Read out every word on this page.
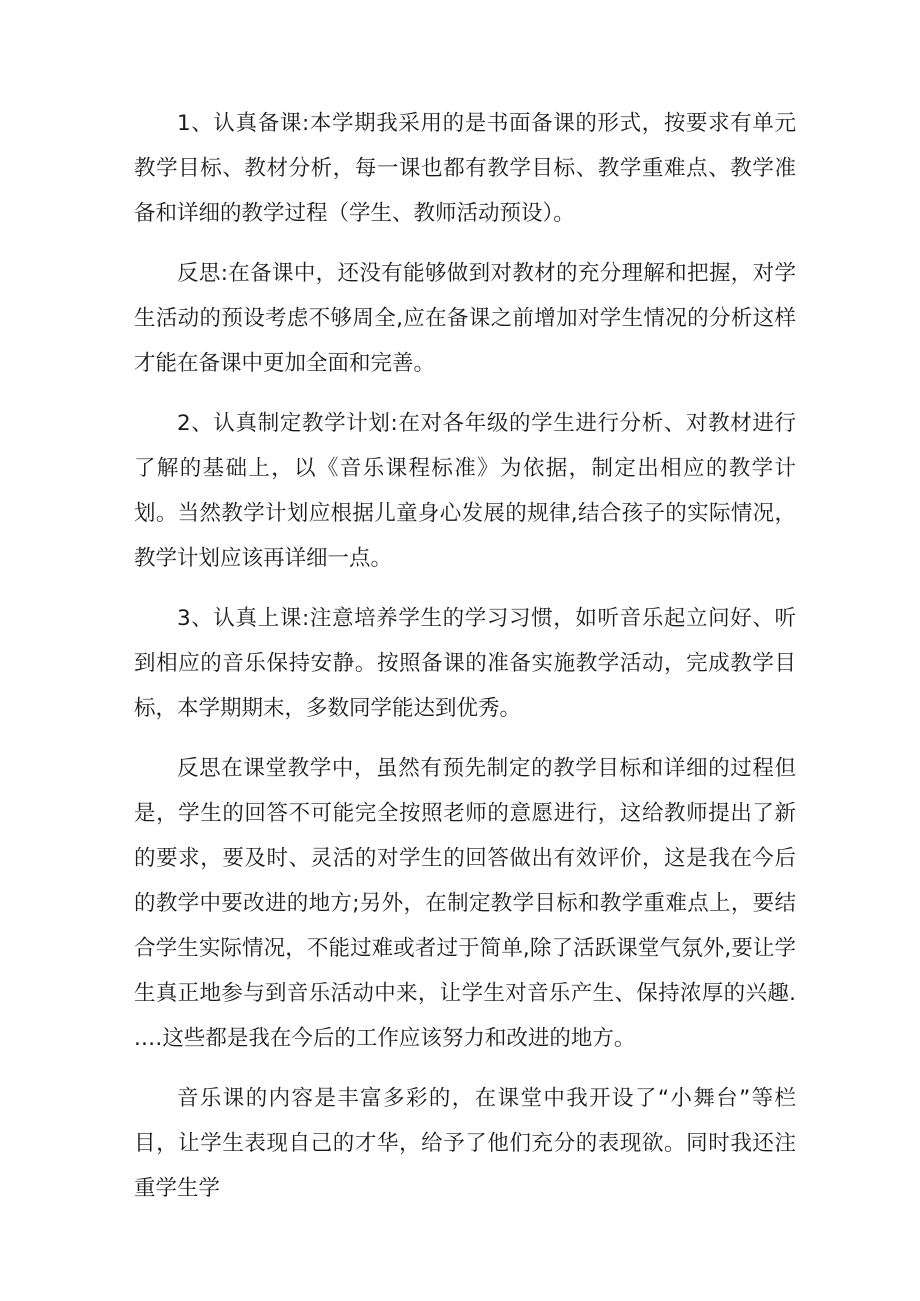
1、认真备课:本学期我采用的是书面备课的形式，按要求有单元教学目标、教材分析，每一课也都有教学目标、教学重难点、教学准备和详细的教学过程（学生、教师活动预设）。

反思:在备课中，还没有能够做到对教材的充分理解和把握，对学生活动的预设考虑不够周全,应在备课之前增加对学生情况的分析这样才能在备课中更加全面和完善。

2、认真制定教学计划:在对各年级的学生进行分析、对教材进行了解的基础上，以《音乐课程标准》为依据，制定出相应的教学计划。当然教学计划应根据儿童身心发展的规律,结合孩子的实际情况，教学计划应该再详细一点。

3、认真上课:注意培养学生的学习习惯，如听音乐起立问好、听到相应的音乐保持安静。按照备课的准备实施教学活动，完成教学目标，本学期期末，多数同学能达到优秀。

反思在课堂教学中，虽然有预先制定的教学目标和详细的过程但是，学生的回答不可能完全按照老师的意愿进行，这给教师提出了新的要求，要及时、灵活的对学生的回答做出有效评价，这是我在今后的教学中要改进的地方;另外，在制定教学目标和教学重难点上，要结合学生实际情况，不能过难或者过于简单,除了活跃课堂气氛外,要让学生真正地参与到音乐活动中来，让学生对音乐产生、保持浓厚的兴趣. .…这些都是我在今后的工作应该努力和改进的地方。

音乐课的内容是丰富多彩的，在课堂中我开设了“小舞台”等栏目，让学生表现自己的才华，给予了他们充分的表现欲。同时我还注重学生学
